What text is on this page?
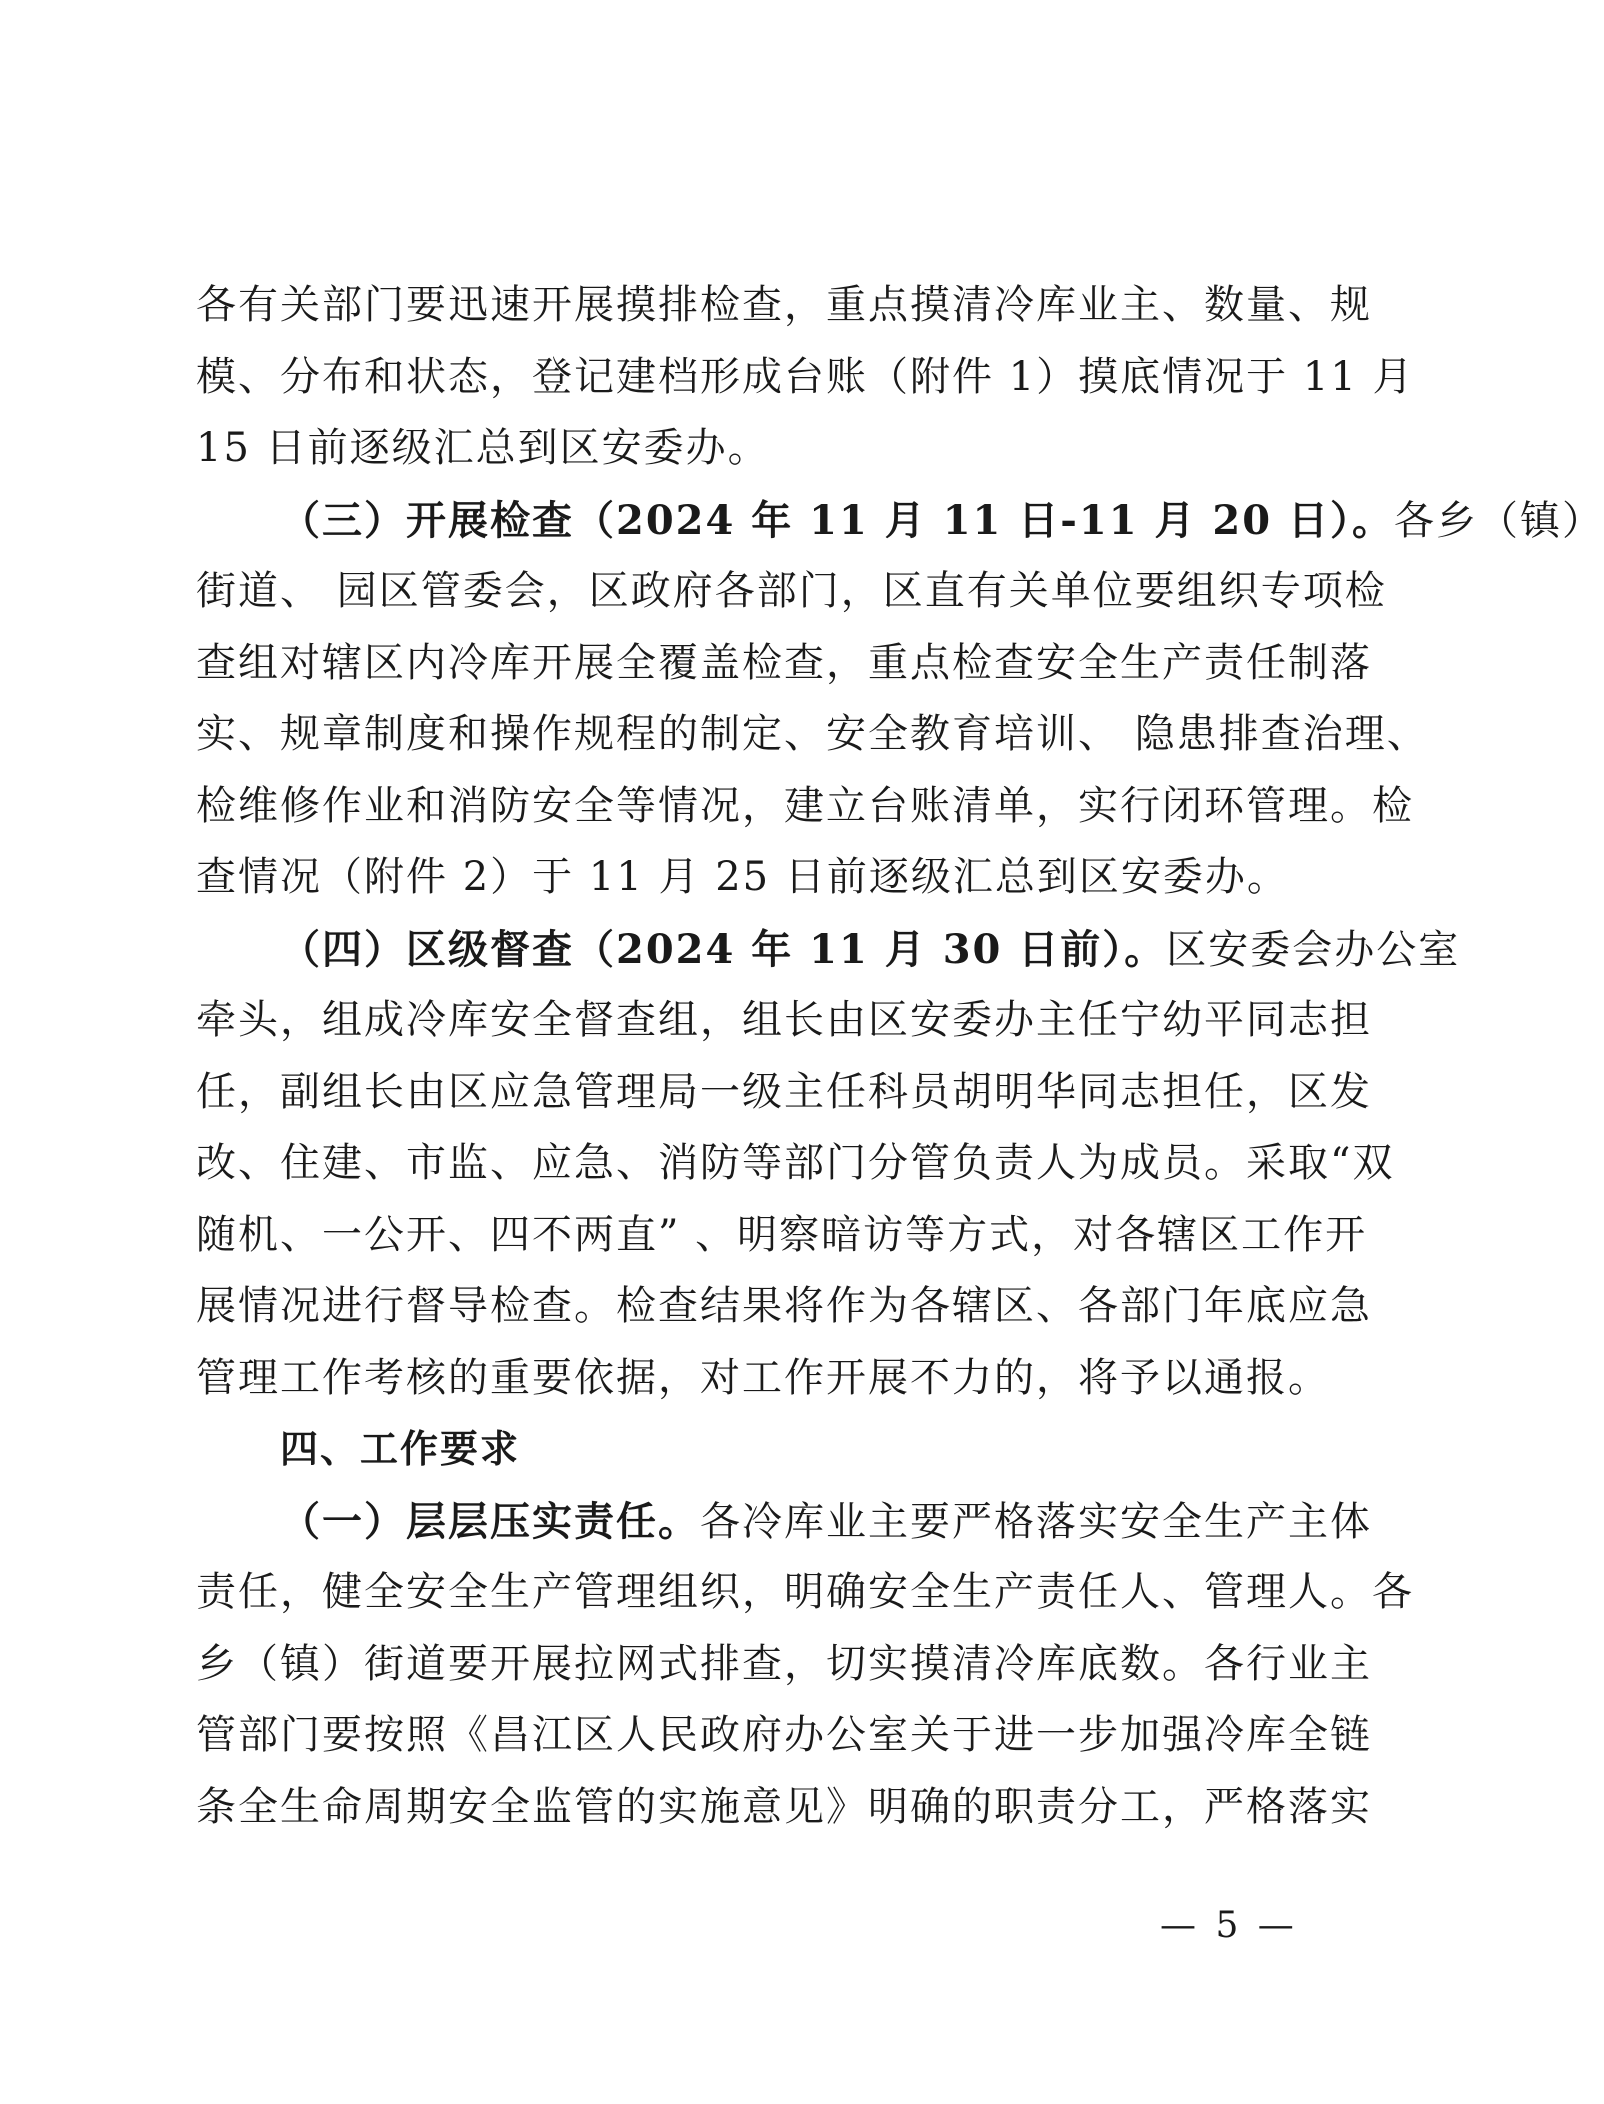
各有关部门要迅速开展摸排检查，重点摸清冷库业主、数量、规
模、分布和状态，登记建档形成台账（附件 1）摸底情况于 11 月
15 日前逐级汇总到区安委办。
（三）开展检查（2024 年 11 月 11 日-11 月 20 日）。各乡（镇）
街道、 园区管委会，区政府各部门，区直有关单位要组织专项检
查组对辖区内冷库开展全覆盖检查，重点检查安全生产责任制落
实、规章制度和操作规程的制定、安全教育培训、 隐患排查治理、
检维修作业和消防安全等情况，建立台账清单，实行闭环管理。检
查情况（附件 2）于 11 月 25 日前逐级汇总到区安委办。
（四）区级督查（2024 年 11 月 30 日前）。区安委会办公室
牵头，组成冷库安全督查组，组长由区安委办主任宁幼平同志担
任，副组长由区应急管理局一级主任科员胡明华同志担任，区发
改、住建、市监、应急、消防等部门分管负责人为成员。采取“双
随机、一公开、四不两直” 、明察暗访等方式，对各辖区工作开
展情况进行督导检查。检查结果将作为各辖区、各部门年底应急
管理工作考核的重要依据，对工作开展不力的，将予以通报。
四、工作要求
（一）层层压实责任。各冷库业主要严格落实安全生产主体
责任，健全安全生产管理组织，明确安全生产责任人、管理人。各
乡（镇）街道要开展拉网式排查，切实摸清冷库底数。各行业主
管部门要按照《昌江区人民政府办公室关于进一步加强冷库全链
条全生命周期安全监管的实施意见》明确的职责分工，严格落实
— 5 —
